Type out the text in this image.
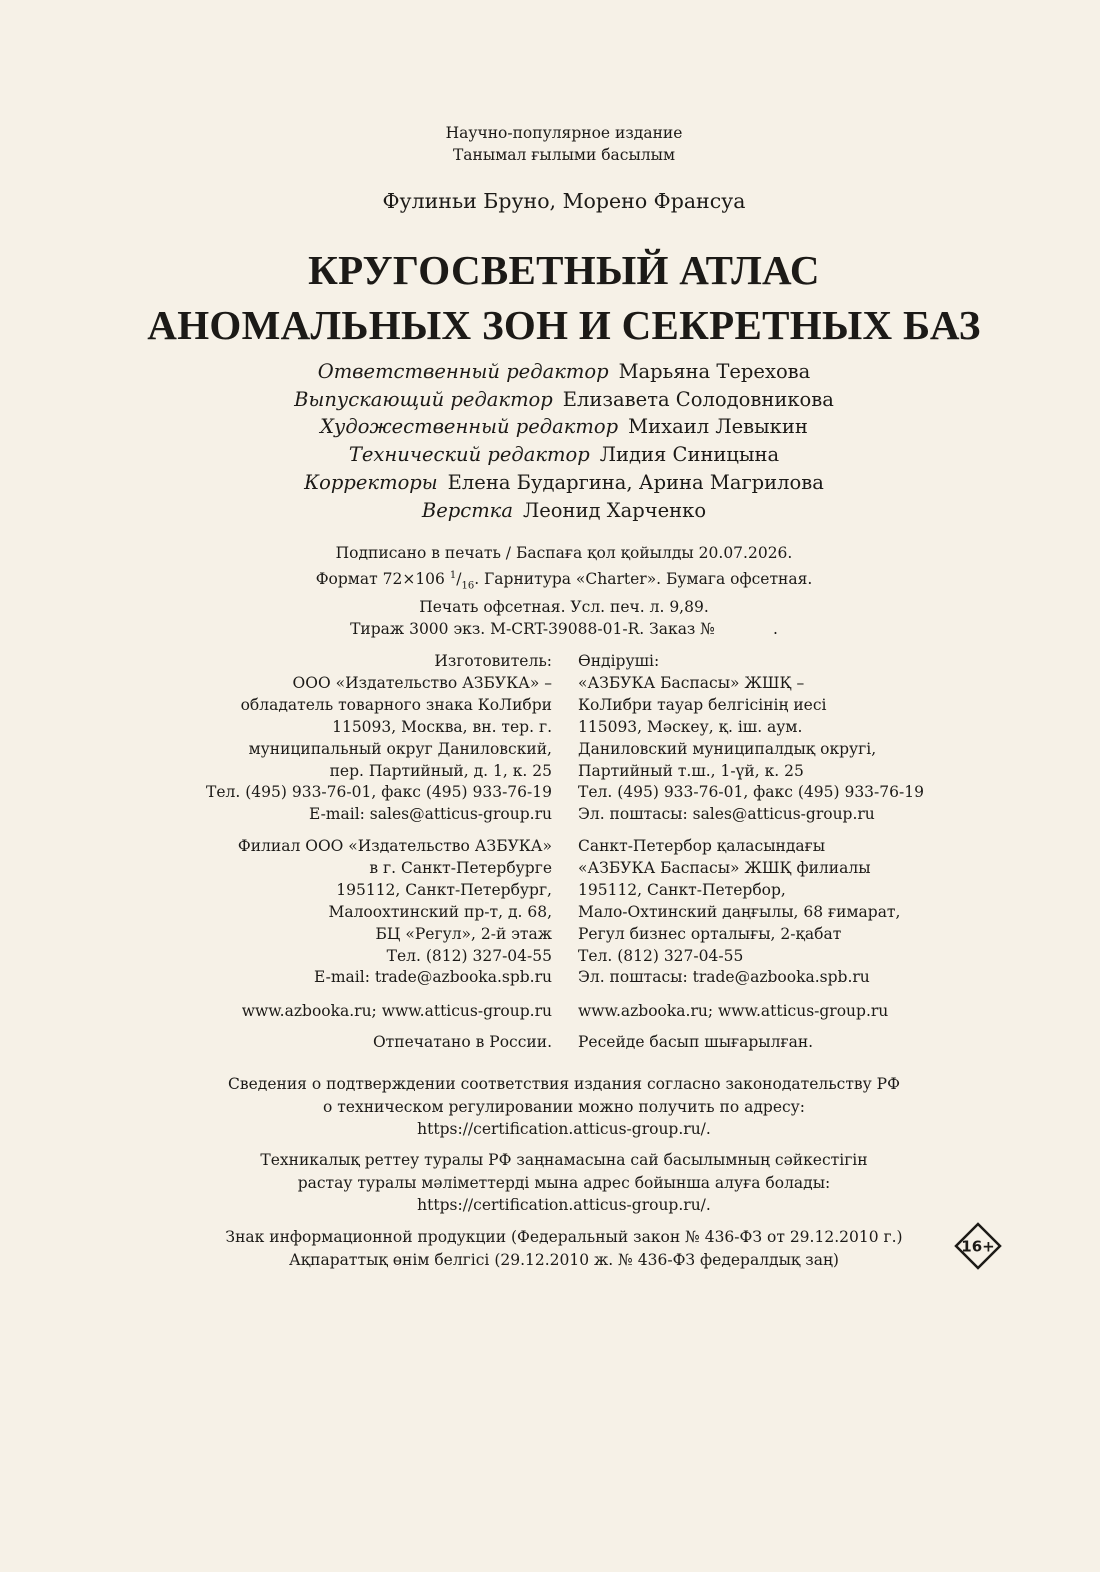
Научно-популярное издание
Танымал ғылыми басылым
Фулиньи Бруно, Морено Франсуа
КРУГОСВЕТНЫЙ АТЛАС
АНОМАЛЬНЫХ ЗОН И СЕКРЕТНЫХ БАЗ
Ответственный редактор Марьяна Терехова
Выпускающий редактор Елизавета Солодовникова
Художественный редактор Михаил Левыкин
Технический редактор Лидия Синицына
Корректоры Елена Бударгина, Арина Магрилова
Верстка Леонид Харченко
Подписано в печать / Баспаға қол қойылды 20.07.2026.
Формат 72×106 $^1/_{16}$. Гарнитура «Charter». Бумага офсетная.
Печать офсетная. Усл. печ. л. 9,89.
Тираж 3000 экз. M-CRT-39088-01-R. Заказ №	.
Изготовитель:
ООО «Издательство АЗБУКА» –
обладатель товарного знака КоЛибри
115093, Москва, вн. тер. г.
муниципальный округ Даниловский,
пер. Партийный, д. 1, к. 25
Тел. (495) 933-76-01, факс (495) 933-76-19
E-mail: sales@atticus-group.ru
Өндіруші:
«АЗБУКА Баспасы» ЖШҚ –
КоЛибри тауар белгісінің иесі
115093, Мәскеу, қ. іш. аум.
Даниловский муниципалдық округі,
Партийный т.ш., 1-үй, к. 25
Тел. (495) 933-76-01, факс (495) 933-76-19
Эл. поштасы: sales@atticus-group.ru
Филиал ООО «Издательство АЗБУКА»
в г. Санкт-Петербурге
195112, Санкт-Петербург,
Малоохтинский пр-т, д. 68,
БЦ «Регул», 2-й этаж
Тел. (812) 327-04-55
E-mail: trade@azbooka.spb.ru
Санкт-Петербор қаласындағы
«АЗБУКА Баспасы» ЖШҚ филиалы
195112, Санкт-Петербор,
Мало-Охтинский даңғылы, 68 ғимарат,
Регул бизнес орталығы, 2-қабат
Тел. (812) 327-04-55
Эл. поштасы: trade@azbooka.spb.ru
www.azbooka.ru; www.atticus-group.ru www.azbooka.ru; www.atticus-group.ru
Отпечатано в России. Ресейде басып шығарылған.
Сведения о подтверждении соответствия издания согласно законодательству РФ
о техническом регулировании можно получить по адресу:
https://certification.atticus-group.ru/.
Техникалық реттеу туралы РФ заңнамасына сай басылымның сәйкестігін
растау туралы мәліметтерді мына адрес бойынша алуға болады:
https://certification.atticus-group.ru/.
Знак информационной продукции (Федеральный закон № 436-ФЗ от 29.12.2010 г.)
Ақпараттық өнім белгісі (29.12.2010 ж. № 436-ФЗ федералдық заң)
16+
